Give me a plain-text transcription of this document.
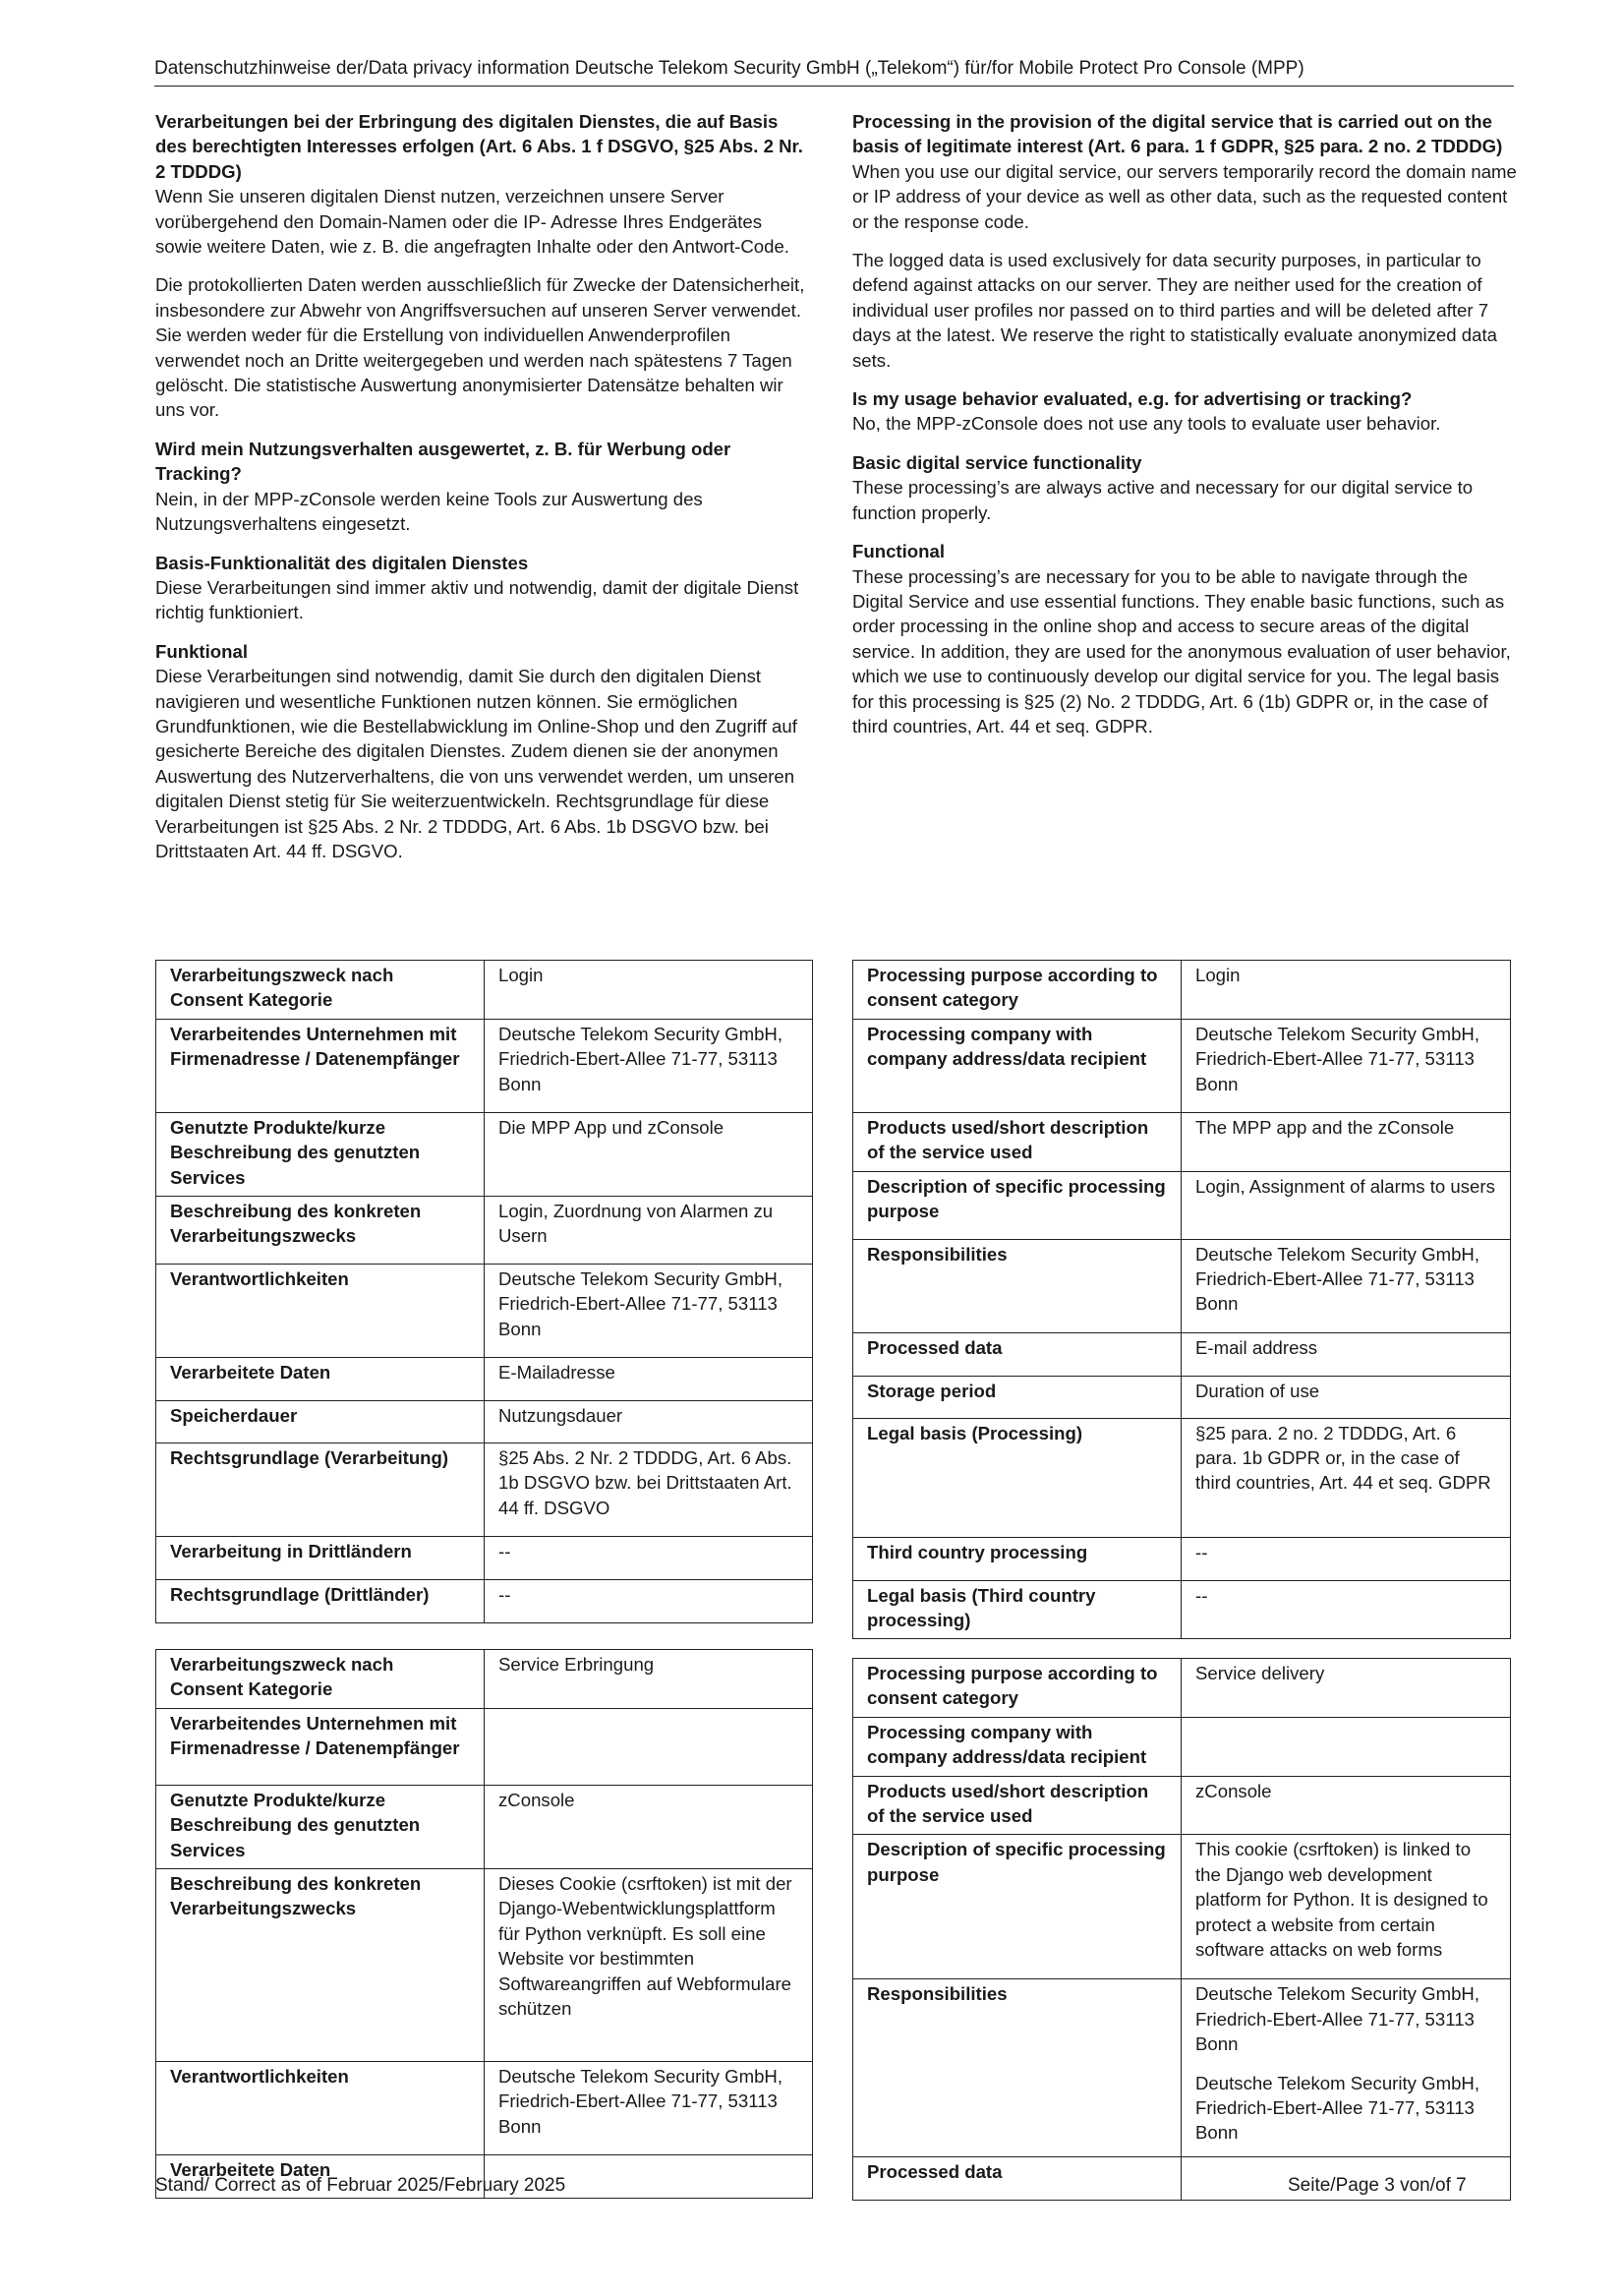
Datenschutzhinweise der/Data privacy information Deutsche Telekom Security GmbH („Telekom“) für/for Mobile Protect Pro Console (MPP)
Verarbeitungen bei der Erbringung des digitalen Dienstes, die auf Basis des berechtigten Interesses erfolgen (Art. 6 Abs. 1 f DSGVO, §25 Abs. 2 Nr. 2 TDDDG)

Wenn Sie unseren digitalen Dienst nutzen, verzeichnen unsere Server vorübergehend den Domain-Namen oder die IP- Adresse Ihres Endgerätes sowie weitere Daten, wie z. B. die angefragten Inhalte oder den Antwort-Code.

Die protokollierten Daten werden ausschließlich für Zwecke der Datensicherheit, insbesondere zur Abwehr von Angriffsversuchen auf unseren Server verwendet. Sie werden weder für die Erstellung von individuellen Anwenderprofilen verwendet noch an Dritte weitergegeben und werden nach spätestens 7 Tagen gelöscht. Die statistische Auswertung anonymisierter Datensätze behalten wir uns vor.

Wird mein Nutzungsverhalten ausgewertet, z. B. für Werbung oder Tracking?

Nein, in der MPP-zConsole werden keine Tools zur Auswertung des Nutzungsverhaltens eingesetzt.

Basis-Funktionalität des digitalen Dienstes

Diese Verarbeitungen sind immer aktiv und notwendig, damit der digitale Dienst richtig funktioniert.

Funktional

Diese Verarbeitungen sind notwendig, damit Sie durch den digitalen Dienst navigieren und wesentliche Funktionen nutzen können. Sie ermöglichen Grundfunktionen, wie die Bestellabwicklung im Online-Shop und den Zugriff auf gesicherte Bereiche des digitalen Dienstes. Zudem dienen sie der anonymen Auswertung des Nutzerverhaltens, die von uns verwendet werden, um unseren digitalen Dienst stetig für Sie weiterzuentwickeln. Rechtsgrundlage für diese Verarbeitungen ist §25 Abs. 2 Nr. 2 TDDDG, Art. 6 Abs. 1b DSGVO bzw. bei Drittstaaten Art. 44 ff. DSGVO.

Processing in the provision of the digital service that is carried out on the basis of legitimate interest (Art. 6 para. 1 f GDPR, §25 para. 2 no. 2 TDDDG)

When you use our digital service, our servers temporarily record the domain name or IP address of your device as well as other data, such as the requested content or the response code.

The logged data is used exclusively for data security purposes, in particular to defend against attacks on our server. They are neither used for the creation of individual user profiles nor passed on to third parties and will be deleted after 7 days at the latest. We reserve the right to statistically evaluate anonymized data sets.

Is my usage behavior evaluated, e.g. for advertising or tracking?

No, the MPP-zConsole does not use any tools to evaluate user behavior.

Basic digital service functionality

These processing’s are always active and necessary for our digital service to function properly.

Functional

These processing’s are necessary for you to be able to navigate through the Digital Service and use essential functions. They enable basic functions, such as order processing in the online shop and access to secure areas of the digital service. In addition, they are used for the anonymous evaluation of user behavior, which we use to continuously develop our digital service for you. The legal basis for this processing is §25 (2) No. 2 TDDDG, Art. 6 (1b) GDPR or, in the case of third countries, Art. 44 et seq. GDPR.

Verarbeitungszweck nach Consent Kategorie	Login
Verarbeitendes Unternehmen mit Firmenadresse / Datenempfänger	Deutsche Telekom Security GmbH, Friedrich-Ebert-Allee 71-77, 53113 Bonn
Genutzte Produkte/kurze Beschreibung des genutzten Services	Die MPP App und zConsole
Beschreibung des konkreten Verarbeitungszwecks	Login, Zuordnung von Alarmen zu Usern
Verantwortlichkeiten	Deutsche Telekom Security GmbH, Friedrich-Ebert-Allee 71-77, 53113 Bonn
Verarbeitete Daten	E-Mailadresse
Speicherdauer	Nutzungsdauer
Rechtsgrundlage (Verarbeitung)	§25 Abs. 2 Nr. 2 TDDDG, Art. 6 Abs. 1b DSGVO bzw. bei Drittstaaten Art. 44 ff. DSGVO
Verarbeitung in Drittländern	--
Rechtsgrundlage (Drittländer)	--
Processing purpose according to consent category	Login
Processing company with company address/data recipient	Deutsche Telekom Security GmbH, Friedrich-Ebert-Allee 71-77, 53113 Bonn
Products used/short description of the service used	The MPP app and the zConsole
Description of specific processing purpose	Login, Assignment of alarms to users
Responsibilities	Deutsche Telekom Security GmbH, Friedrich-Ebert-Allee 71-77, 53113 Bonn
Processed data	E-mail address
Storage period	Duration of use
Legal basis (Processing)	§25 para. 2 no. 2 TDDDG, Art. 6 para. 1b GDPR or, in the case of third countries, Art. 44 et seq. GDPR
Third country processing	--
Legal basis (Third country processing)	--
Verarbeitungszweck nach Consent Kategorie	Service Erbringung
Verarbeitendes Unternehmen mit Firmenadresse / Datenempfänger	
Genutzte Produkte/kurze Beschreibung des genutzten Services	zConsole
Beschreibung des konkreten Verarbeitungszwecks	Dieses Cookie (csrftoken) ist mit der Django-Webentwicklungsplattform für Python verknüpft. Es soll eine Website vor bestimmten Softwareangriffen auf Webformulare schützen
Verantwortlichkeiten	Deutsche Telekom Security GmbH, Friedrich-Ebert-Allee 71-77, 53113 Bonn
Verarbeitete Daten	
Processing purpose according to consent category	Service delivery
Processing company with company address/data recipient	
Products used/short description of the service used	zConsole
Description of specific processing purpose	This cookie (csrftoken) is linked to the Django web development platform for Python. It is designed to protect a website from certain software attacks on web forms
Responsibilities	Deutsche Telekom Security GmbH, Friedrich-Ebert-Allee 71-77, 53113 Bonn
Deutsche Telekom Security GmbH, Friedrich-Ebert-Allee 71-77, 53113 Bonn

Processed data	
Stand/ Correct as of Februar 2025/February 2025	Seite/Page 3 von/of 7
